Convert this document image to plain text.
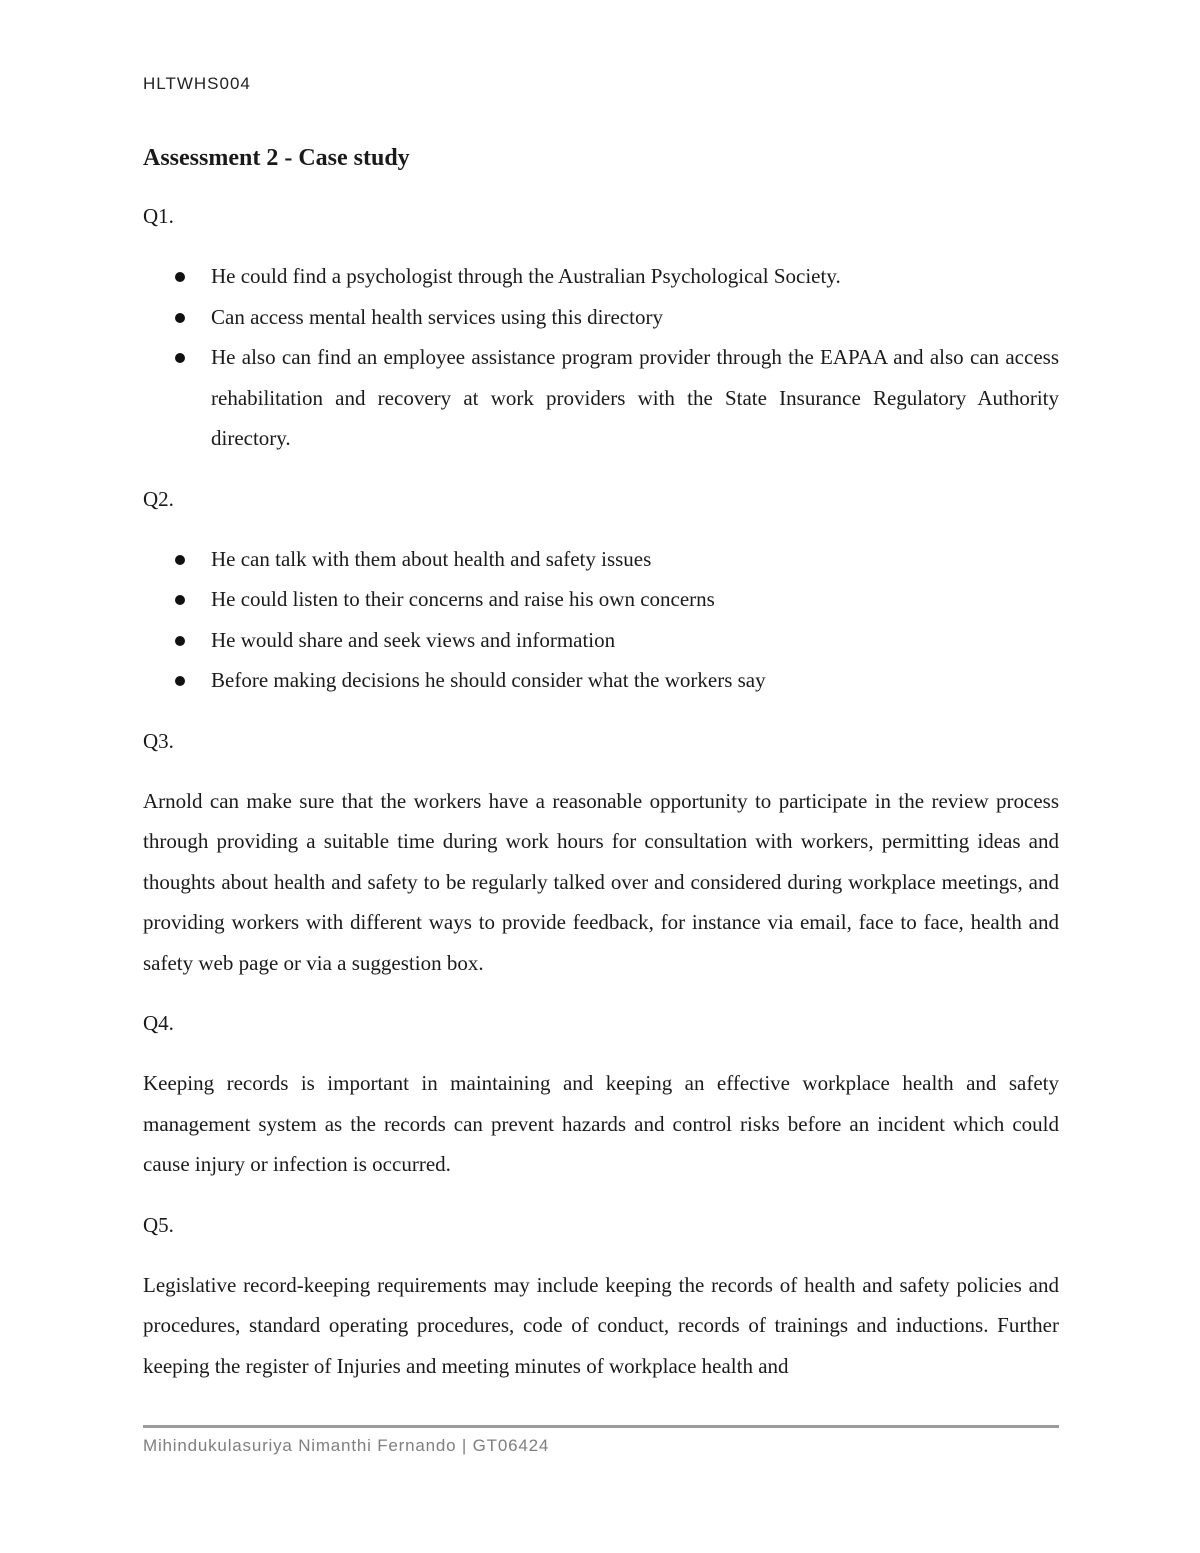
HLTWHS004
Assessment 2 - Case study
Q1.
He could find a psychologist through the Australian Psychological Society.
Can access mental health services using this directory
He also can find an employee assistance program provider through the EAPAA and also can access rehabilitation and recovery at work providers with the State Insurance Regulatory Authority directory.
Q2.
He can talk with them about health and safety issues
He could listen to their concerns and raise his own concerns
He would share and seek views and information
Before making decisions he should consider what the workers say
Q3.

Arnold can make sure that the workers have a reasonable opportunity to participate in the review process through providing a suitable time during work hours for consultation with workers, permitting ideas and thoughts about health and safety to be regularly talked over and considered during workplace meetings, and providing workers with different ways to provide feedback, for instance via email, face to face, health and safety web page or via a suggestion box.

Q4.

Keeping records is important in maintaining and keeping an effective workplace health and safety management system as the records can prevent hazards and control risks before an incident which could cause injury or infection is occurred.

Q5.

Legislative record-keeping requirements may include keeping the records of health and safety policies and procedures, standard operating procedures, code of conduct, records of trainings and inductions. Further keeping the register of Injuries and meeting minutes of workplace health and

Mihindukulasuriya Nimanthi Fernando | GT06424
